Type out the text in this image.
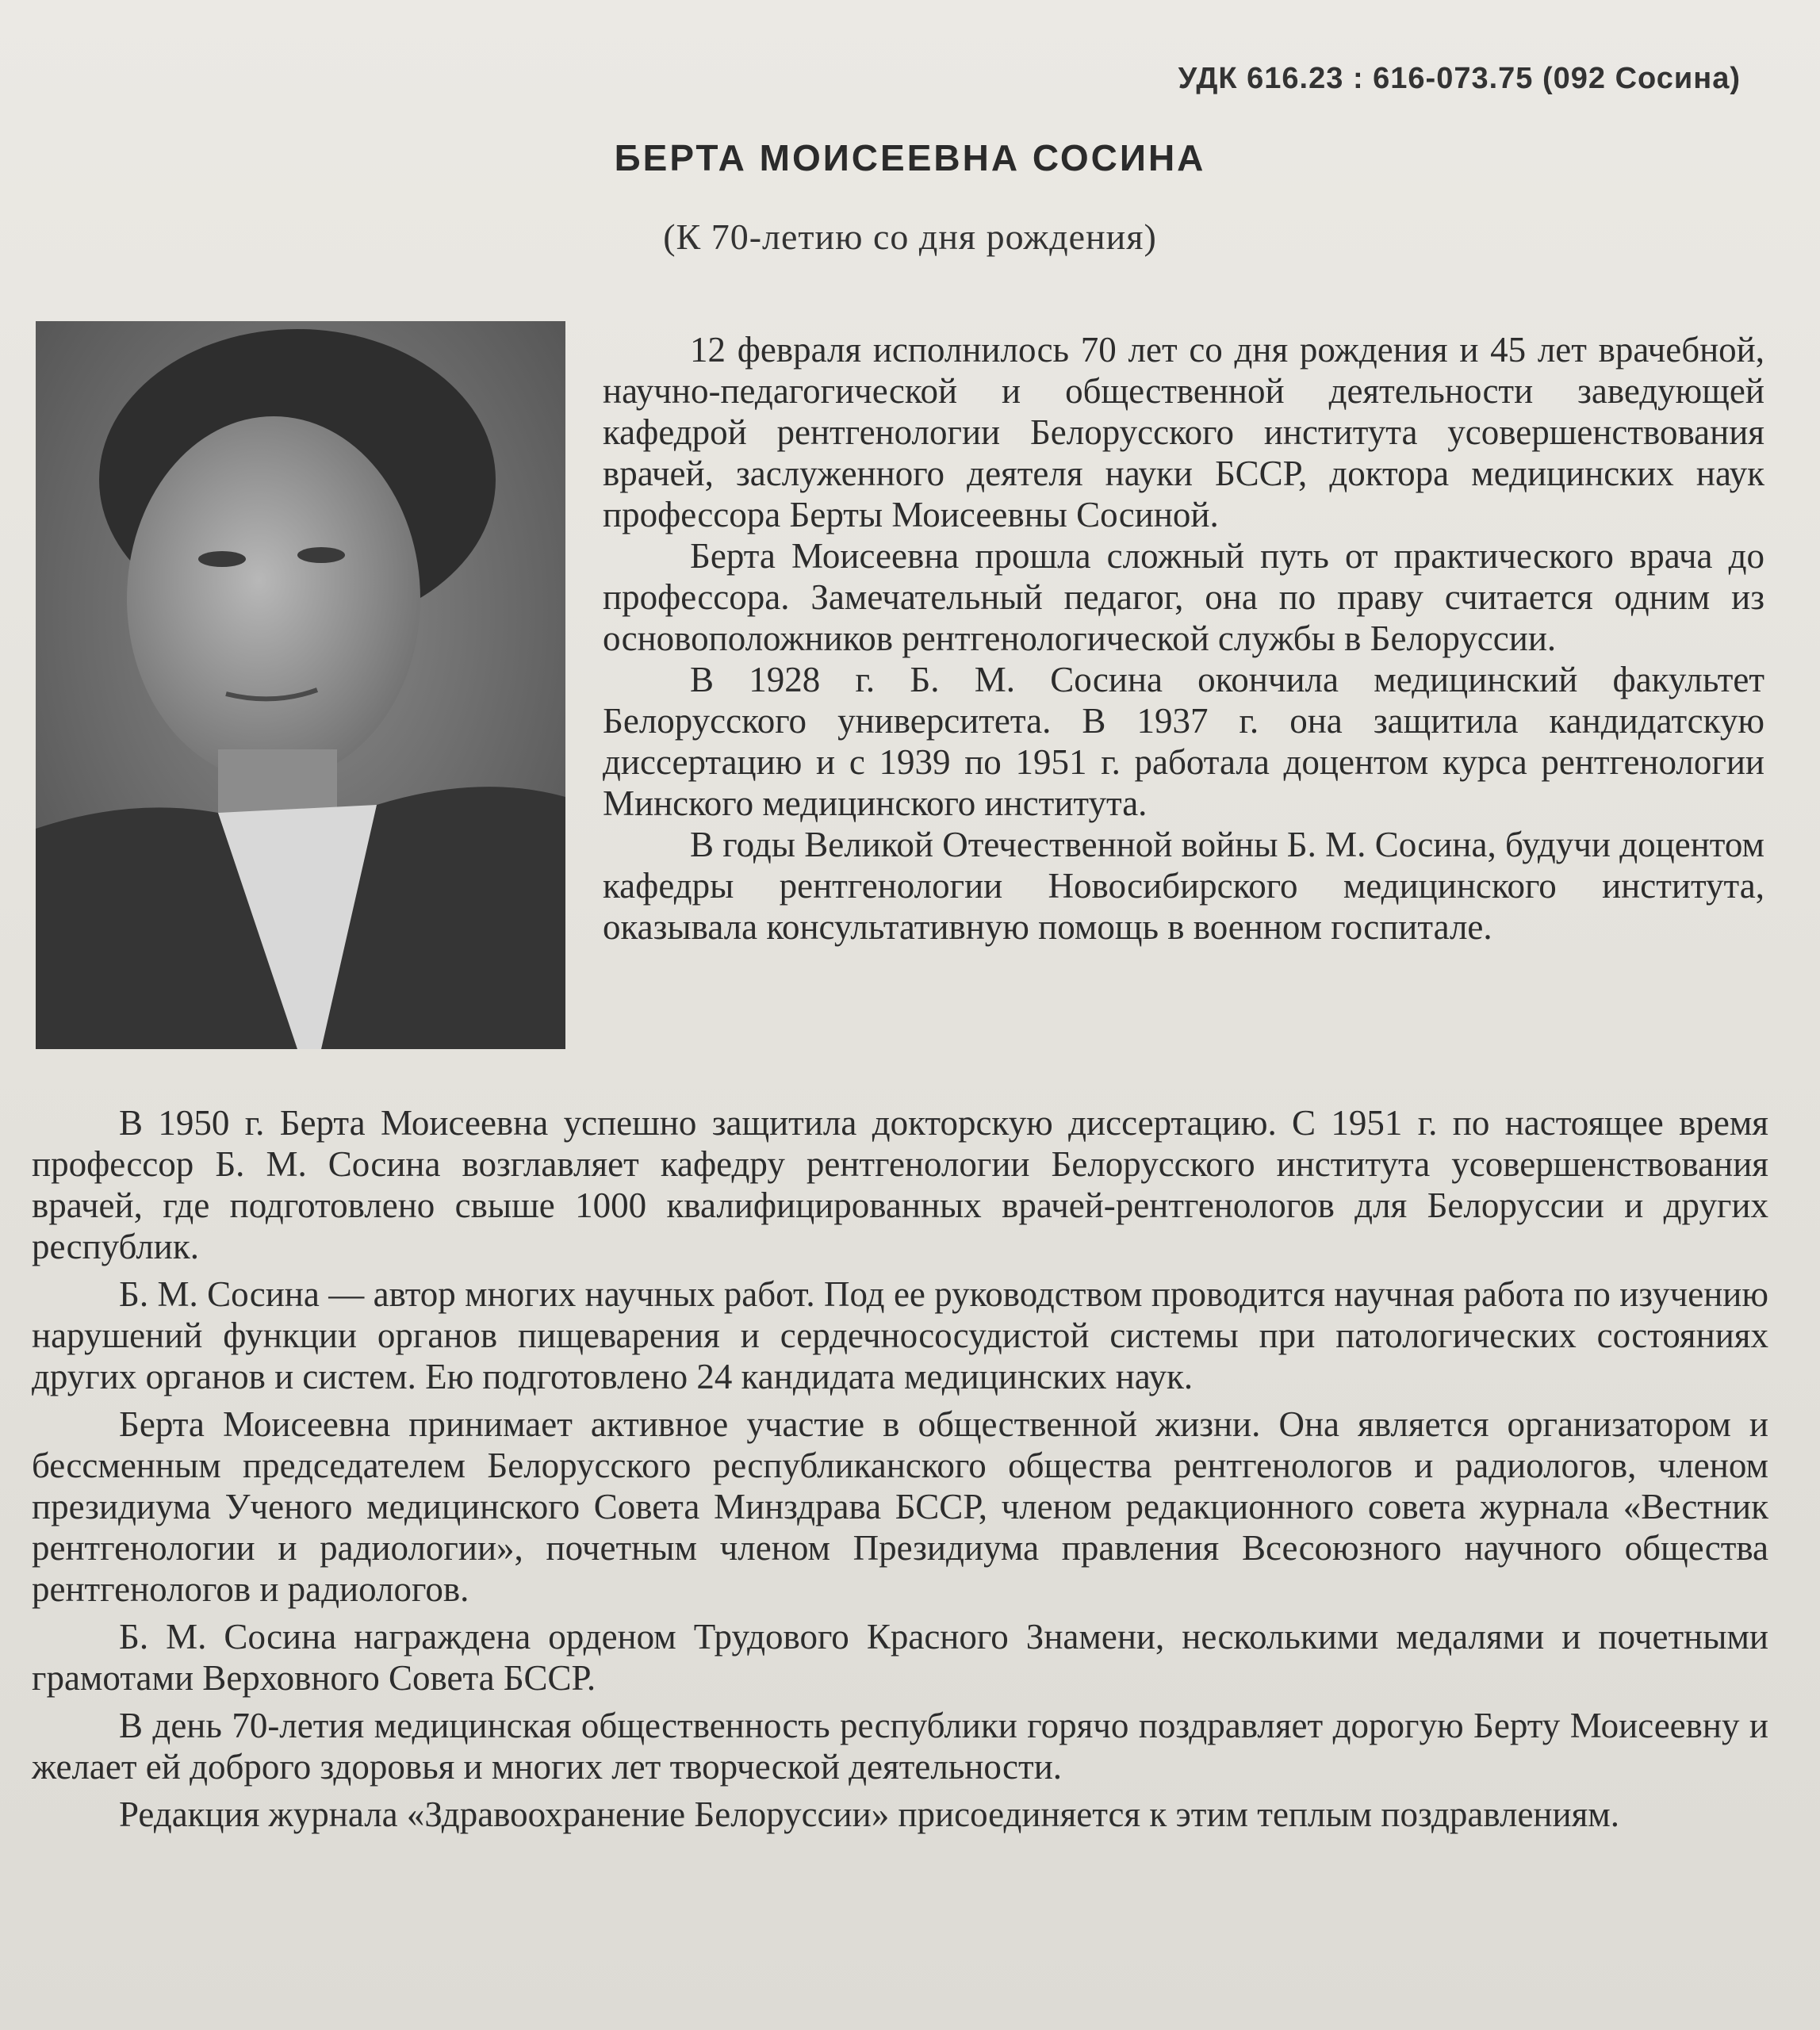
УДК 616.23 : 616-073.75 (092 Сосина)
БЕРТА МОИСЕЕВНА СОСИНА
(К 70-летию со дня рождения)

12 февраля исполнилось 70 лет со дня рождения и 45 лет врачебной, научно-педагогической и общественной деятельности заведующей кафедрой рентгенологии Белорусского института усовершенствования врачей, заслуженного деятеля науки БССР, доктора медицинских наук профессора Берты Моисеевны Сосиной.

Берта Моисеевна прошла сложный путь от практического врача до профессора. Замечательный педагог, она по праву считается одним из основоположников рентгенологической службы в Белоруссии.

В 1928 г. Б. М. Сосина окончила медицинский факультет Белорусского университета. В 1937 г. она защитила кандидатскую диссертацию и с 1939 по 1951 г. работала доцентом курса рентгенологии Минского медицинского института.

В годы Великой Отечественной войны Б. М. Сосина, будучи доцентом кафедры рентгенологии Новосибирского медицинского института, оказывала консультативную помощь в военном госпитале.

В 1950 г. Берта Моисеевна успешно защитила докторскую диссертацию. С 1951 г. по настоящее время профессор Б. М. Сосина возглавляет кафедру рентгенологии Белорусского института усовершенствования врачей, где подготовлено свыше 1000 квалифицированных врачей-рентгенологов для Белоруссии и других республик.

Б. М. Сосина — автор многих научных работ. Под ее руководством проводится научная работа по изучению нарушений функции органов пищеварения и сердечнососудистой системы при патологических состояниях других органов и систем. Ею подготовлено 24 кандидата медицинских наук.

Берта Моисеевна принимает активное участие в общественной жизни. Она является организатором и бессменным председателем Белорусского республиканского общества рентгенологов и радиологов, членом президиума Ученого медицинского Совета Минздрава БССР, членом редакционного совета журнала «Вестник рентгенологии и радиологии», почетным членом Президиума правления Всесоюзного научного общества рентгенологов и радиологов.

Б. М. Сосина награждена орденом Трудового Красного Знамени, несколькими медалями и почетными грамотами Верховного Совета БССР.

В день 70-летия медицинская общественность республики горячо поздравляет дорогую Берту Моисеевну и желает ей доброго здоровья и многих лет творческой деятельности.

Редакция журнала «Здравоохранение Белоруссии» присоединяется к этим теплым поздравлениям.
